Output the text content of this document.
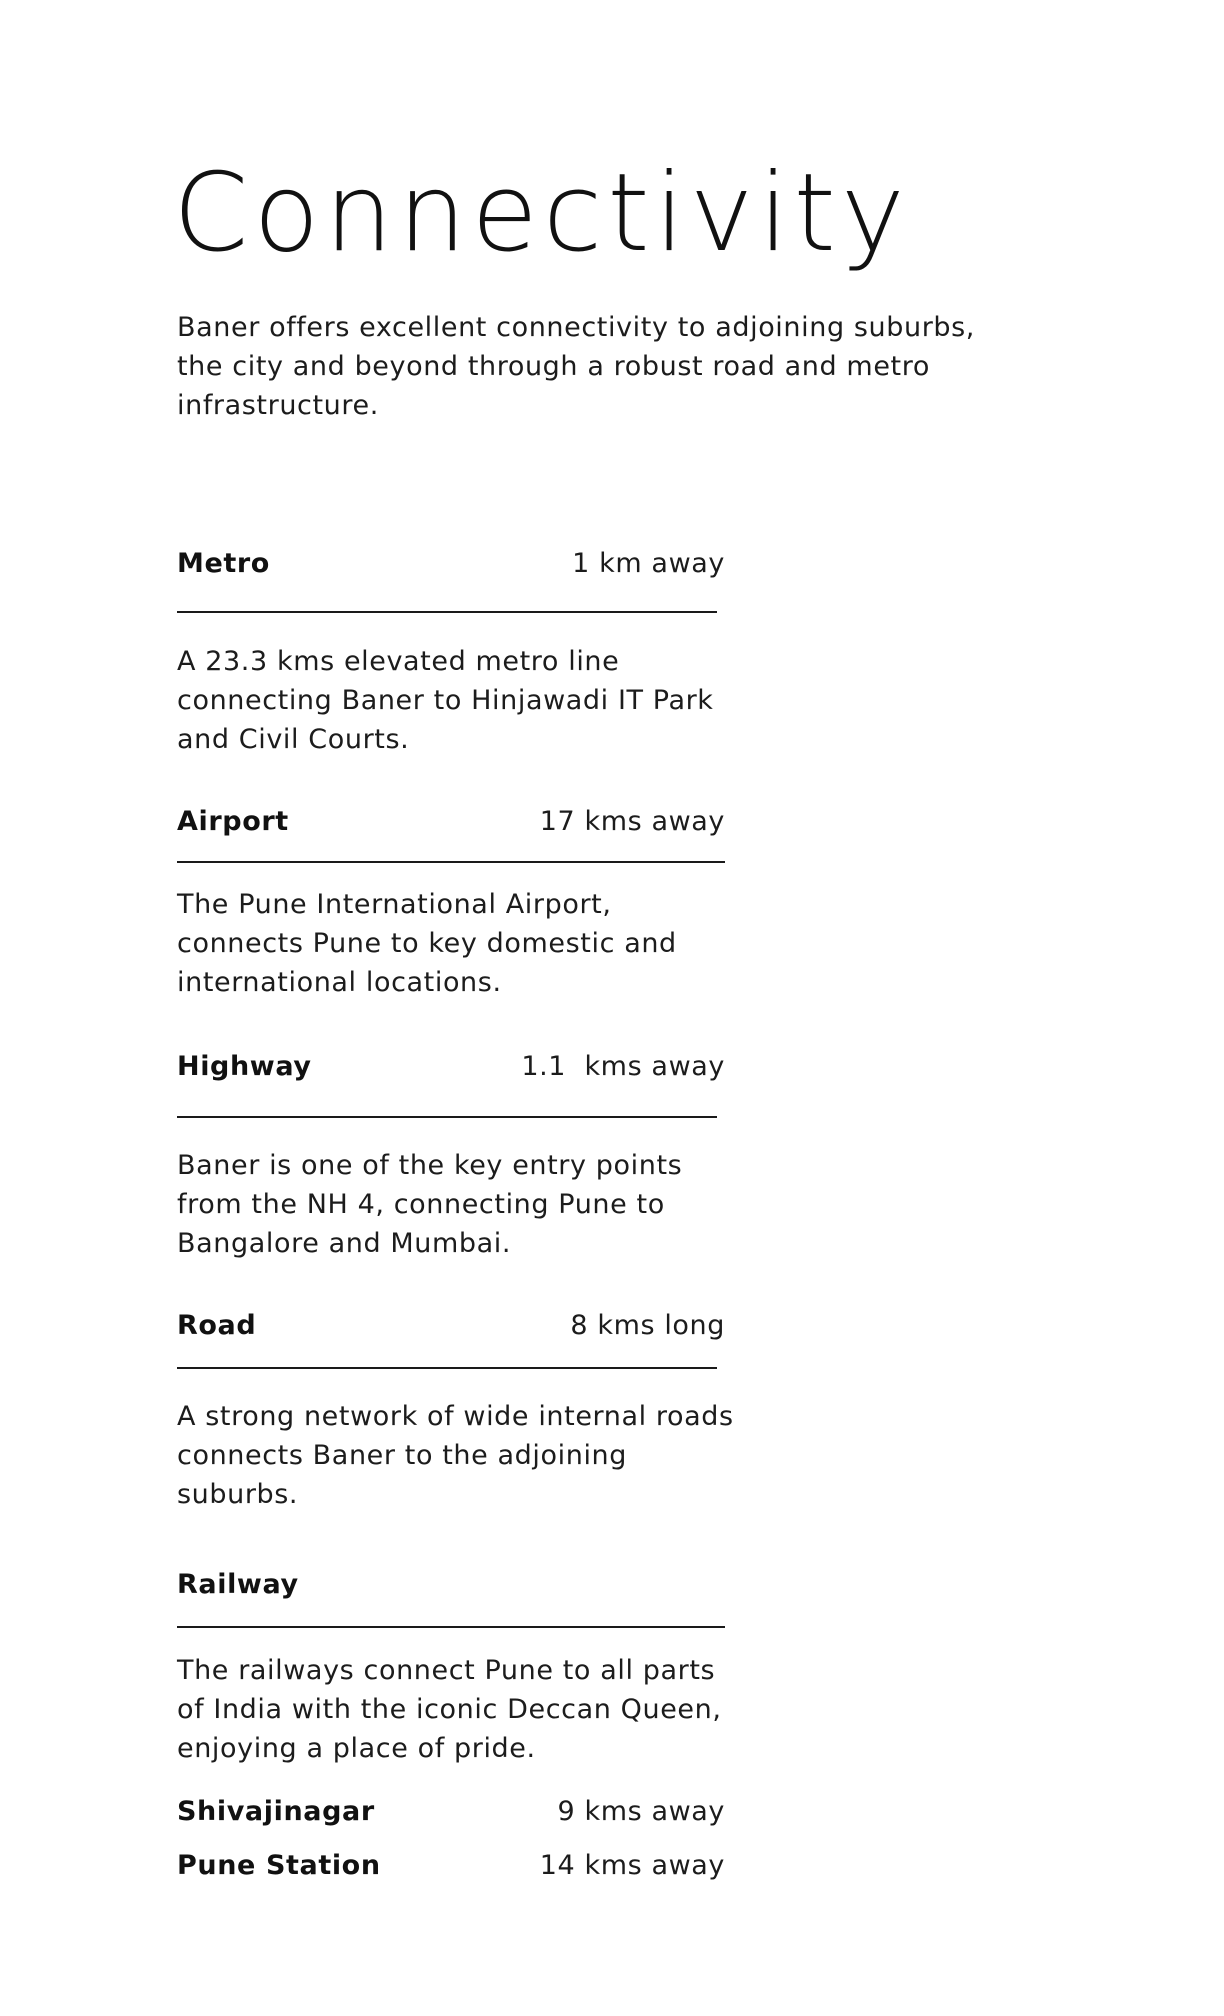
Connectivity

Baner offers excellent connectivity to adjoining suburbs, the city and beyond through a robust road and metro infrastructure.

Metro	1 km away

A 23.3 kms elevated metro line connecting Baner to Hinjawadi IT Park and Civil Courts.

Airport	17 kms away

The Pune International Airport, connects Pune to key domestic and international locations.

Highway	1.1  kms away

Baner is one of the key entry points from the NH 4, connecting Pune to Bangalore and Mumbai.

Road	8 kms long

A strong network of wide internal roads connects Baner to the adjoining suburbs.

Railway

The railways connect Pune to all parts of India with the iconic Deccan Queen, enjoying a place of pride.

Shivajinagar	9 kms away
Pune Station	14 kms away
